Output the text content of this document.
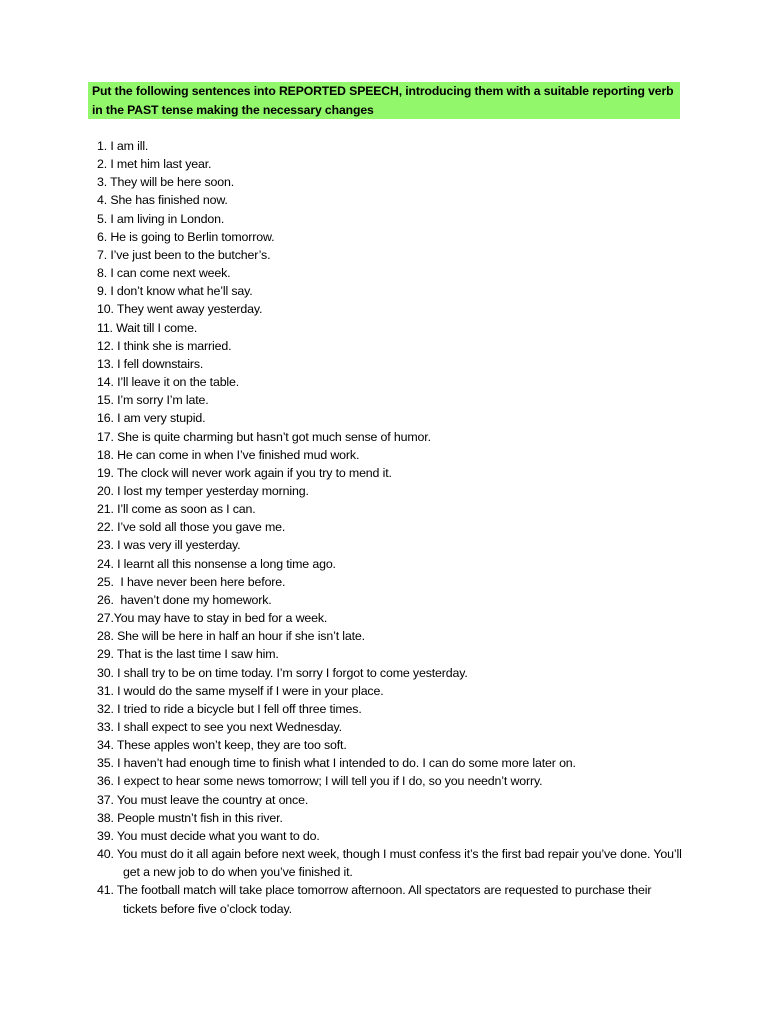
Put the following sentences into REPORTED SPEECH, introducing them with a suitable reporting verb in the PAST tense making the necessary changes
1. I am ill.
2. I met him last year.
3. They will be here soon.
4. She has finished now.
5. I am living in London.
6. He is going to Berlin tomorrow.
7. I’ve just been to the butcher’s.
8. I can come next week.
9. I don’t know what he’ll say.
10. They went away yesterday.
11. Wait till I come.
12. I think she is married.
13. I fell downstairs.
14. I’ll leave it on the table.
15. I’m sorry I’m late.
16. I am very stupid.
17. She is quite charming but hasn’t got much sense of humor.
18. He can come in when I’ve finished mud work.
19. The clock will never work again if you try to mend it.
20. I lost my temper yesterday morning.
21. I’ll come as soon as I can.
22. I’ve sold all those you gave me.
23. I was very ill yesterday.
24. I learnt all this nonsense a long time ago.
25.  I have never been here before.
26.  haven’t done my homework.
27.You may have to stay in bed for a week.
28. She will be here in half an hour if she isn’t late.
29. That is the last time I saw him.
30. I shall try to be on time today. I’m sorry I forgot to come yesterday.
31. I would do the same myself if I were in your place.
32. I tried to ride a bicycle but I fell off three times.
33. I shall expect to see you next Wednesday.
34. These apples won’t keep, they are too soft.
35. I haven’t had enough time to finish what I intended to do. I can do some more later on.
36. I expect to hear some news tomorrow; I will tell you if I do, so you needn’t worry.
37. You must leave the country at once.
38. People mustn’t fish in this river.
39. You must decide what you want to do.
40. You must do it all again before next week, though I must confess it’s the first bad repair you’ve done. You’ll get a new job to do when you’ve finished it.
41. The football match will take place tomorrow afternoon. All spectators are requested to purchase their tickets before five o’clock today.
